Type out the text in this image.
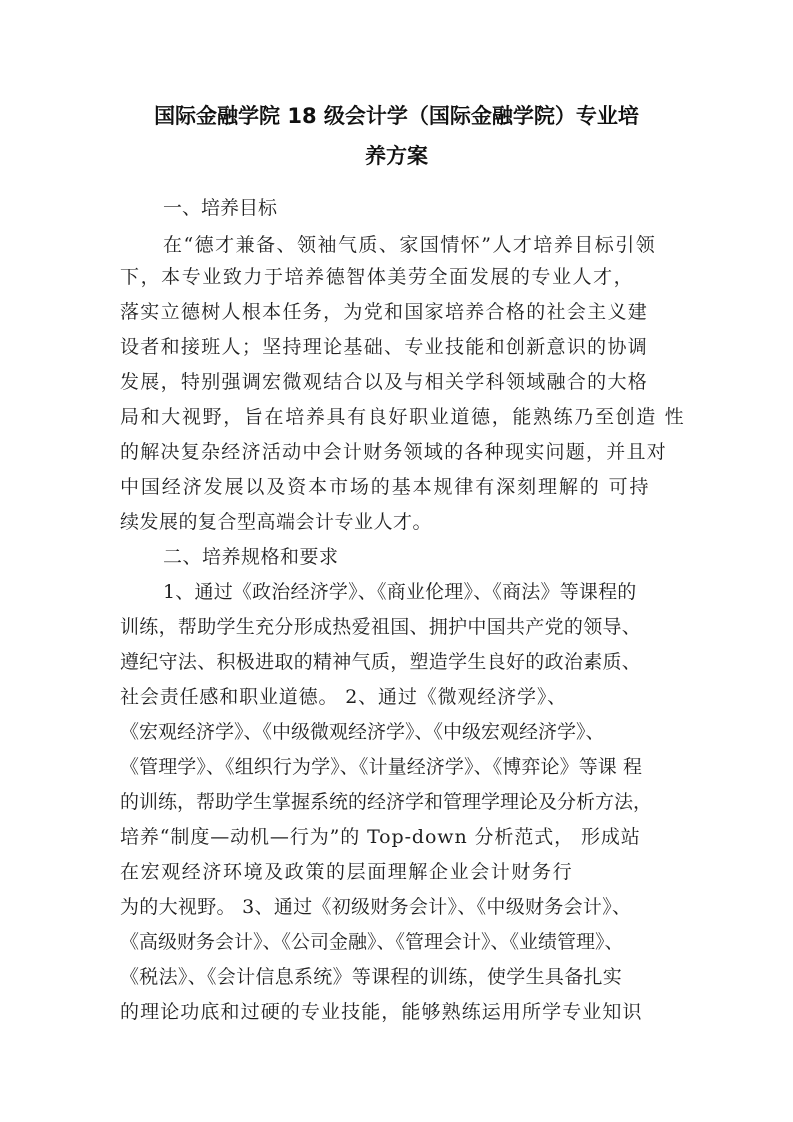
国际金融学院 18 级会计学（国际金融学院）专业培
养方案
一、培养目标
在“德才兼备、领袖气质、家国情怀”人才培养目标引领
下，本专业致力于培养德智体美劳全面发展的专业人才，
落实立德树人根本任务，为党和国家培养合格的社会主义建
设者和接班人；坚持理论基础、专业技能和创新意识的协调
发展，特别强调宏微观结合以及与相关学科领域融合的大格
局和大视野，旨在培养具有良好职业道德，能熟练乃至创造 性
的解决复杂经济活动中会计财务领域的各种现实问题，并且对
中国经济发展以及资本市场的基本规律有深刻理解的 可持
续发展的复合型高端会计专业人才。
二、培养规格和要求
1、通过《政治经济学》、《商业伦理》、《商法》等课程的
训练，帮助学生充分形成热爱祖国、拥护中国共产党的领导、
遵纪守法、积极进取的精神气质，塑造学生良好的政治素质、
社会责任感和职业道德。 2、通过《微观经济学》、
《宏观经济学》、《中级微观经济学》、《中级宏观经济学》、
《管理学》、《组织行为学》、《计量经济学》、《博弈论》等课 程
的训练，帮助学生掌握系统的经济学和管理学理论及分析方法，
培养“制度—动机—行为”的 Top-down 分析范式， 形成站
在宏观经济环境及政策的层面理解企业会计财务行
为的大视野。 3、通过《初级财务会计》、《中级财务会计》、
《高级财务会计》、《公司金融》、《管理会计》、《业绩管理》、
《税法》、《会计信息系统》等课程的训练，使学生具备扎实
的理论功底和过硬的专业技能，能够熟练运用所学专业知识
